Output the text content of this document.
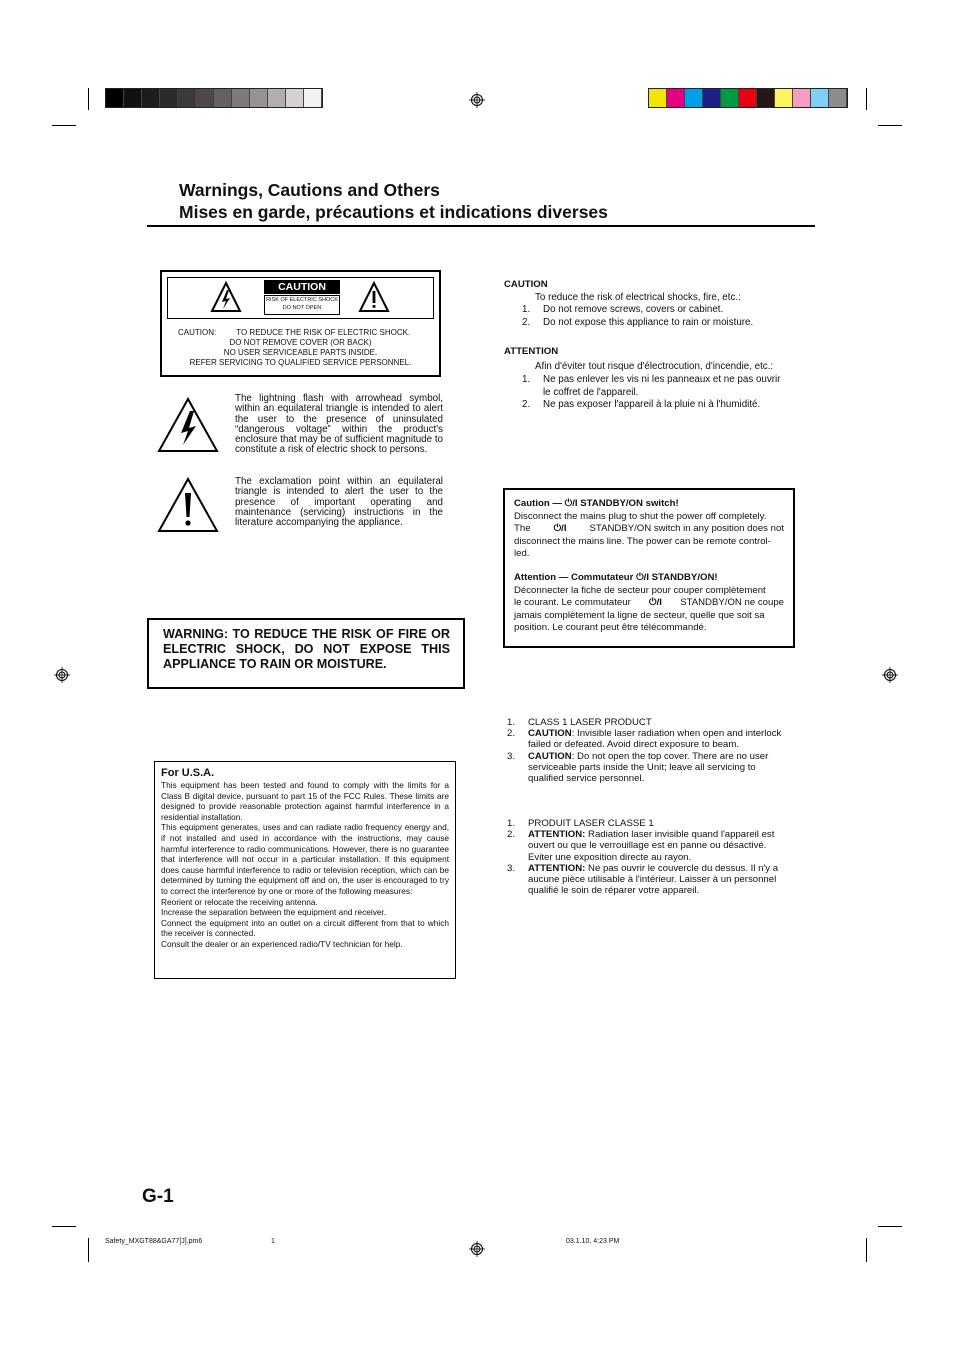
Warnings, Cautions and Others
Mises en garde, précautions et indications diverses
CAUTION
RISK OF ELECTRIC SHOCK
DO NOT OPEN
CAUTION:	TO REDUCE THE RISK OF ELECTRIC SHOCK.
DO NOT REMOVE COVER (OR BACK)
NO USER SERVICEABLE PARTS INSIDE.
REFER SERVICING TO QUALIFIED SERVICE PERSONNEL.
The lightning flash with arrowhead symbol, within an equilateral triangle is intended to alert the user to the presence of uninsulated “dangerous voltage” within the product's enclosure that may be of sufficient magnitude to constitute a risk of electric shock to persons.
The exclamation point within an equilateral triangle is intended to alert the user to the presence of important operating and maintenance (servicing) instructions in the literature accompanying the appliance.
WARNING: TO REDUCE THE RISK OF FIRE OR ELECTRIC SHOCK, DO NOT EXPOSE THIS APPLIANCE TO RAIN OR MOISTURE.
For U.S.A.
This equipment has been tested and found to comply with the limits for a Class B digital device, pursuant to part 15 of the FCC Rules. These limits are designed to provide reasonable protection against harmful interference in a residential installation.
This equipment generates, uses and can radiate radio frequency energy and, if not installed and used in accordance with the instructions, may cause harmful interference to radio communications. However, there is no guarantee that interference will not occur in a particular installation. If this equipment does cause harmful interference to radio or television reception, which can be determined by turning the equipment off and on, the user is encouraged to try to correct the interference by one or more of the following measures:
Reorient or relocate the receiving antenna.
Increase the separation between the equipment and receiver.
Connect the equipment into an outlet on a circuit different from that to which the receiver is connected.
Consult the dealer or an experienced radio/TV technician for help.
CAUTION
To reduce the risk of electrical shocks, fire, etc.:
1.	Do not remove screws, covers or cabinet.
2.	Do not expose this appliance to rain or moisture.
ATTENTION
Afin d'éviter tout risque d'électrocution, d'incendie, etc.:
1.	Ne pas enlever les vis ni les panneaux et ne pas ouvrir le coffret de l'appareil.
2.	Ne pas exposer l'appareil à la pluie ni à l'humidité.
Caution — ⏻/I STANDBY/ON switch!
Disconnect the mains plug to shut the power off completely.
The ⏻/I STANDBY/ON switch in any position does not
disconnect the mains line. The power can be remote control-
led.
Attention — Commutateur ⏻/I STANDBY/ON!
Déconnecter la fiche de secteur pour couper complètement
le courant. Le commutateur ⏻/I STANDBY/ON ne coupe
jamais complètement la ligne de secteur, quelle que soit sa
position. Le courant peut être télécommandé.
1.	CLASS 1 LASER PRODUCT
2.	CAUTION: Invisible laser radiation when open and interlock failed or defeated. Avoid direct exposure to beam.
3.	CAUTION: Do not open the top cover. There are no user serviceable parts inside the Unit; leave all servicing to qualified service personnel.
1.	PRODUIT LASER CLASSE 1
2.	ATTENTION: Radiation laser invisible quand l'appareil est ouvert ou que le verrouillage est en panne ou désactivé. Eviter une exposition directe au rayon.
3.	ATTENTION: Ne pas ouvrir le couvercle du dessus. Il n'y a aucune pièce utilisable à l'intérieur. Laisser à un personnel qualifié le soin de réparer votre appareil.
G-1
Safety_MXGT88&GA77[J].pm6	1	03.1.10, 4:23 PM
